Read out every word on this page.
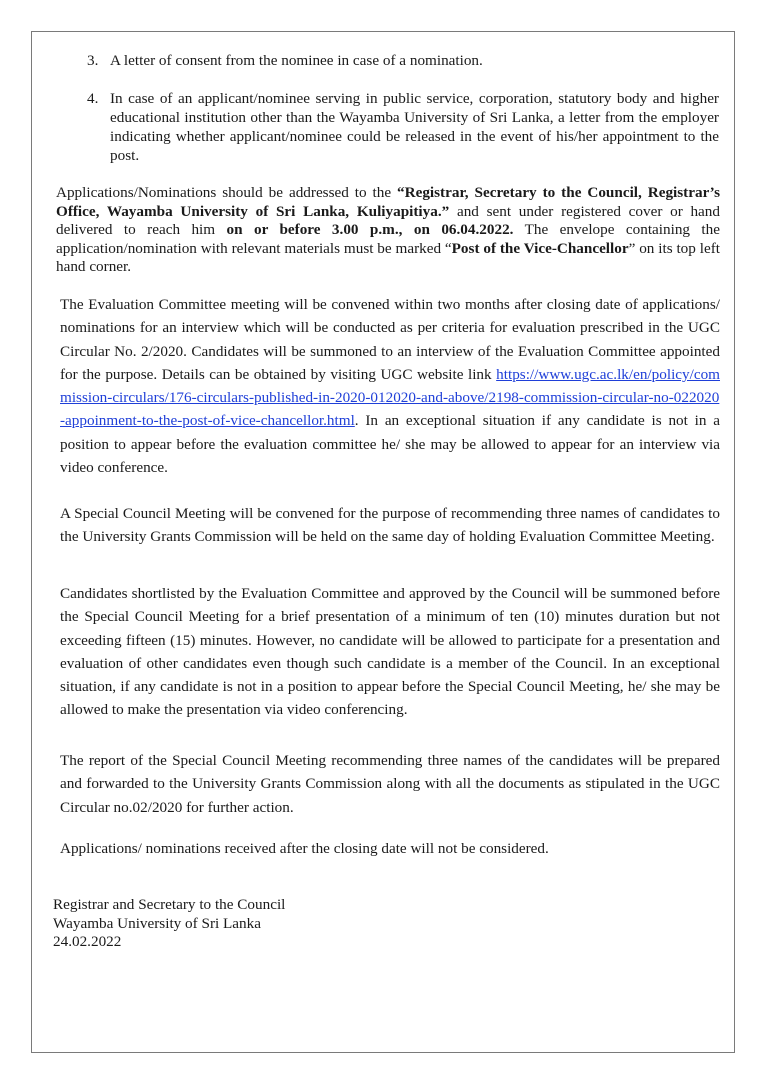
3. A letter of consent from the nominee in case of a nomination.
4. In case of an applicant/nominee serving in public service, corporation, statutory body and higher educational institution other than the Wayamba University of Sri Lanka, a letter from the employer indicating whether applicant/nominee could be released in the event of his/her appointment to the post.
Applications/Nominations should be addressed to the “Registrar, Secretary to the Council, Registrar’s Office, Wayamba University of Sri Lanka, Kuliyapitiya.” and sent under registered cover or hand delivered to reach him on or before 3.00 p.m., on 06.04.2022. The envelope containing the application/nomination with relevant materials must be marked “Post of the Vice-Chancellor” on its top left hand corner.
The Evaluation Committee meeting will be convened within two months after closing date of applications/ nominations for an interview which will be conducted as per criteria for evaluation prescribed in the UGC Circular No. 2/2020. Candidates will be summoned to an interview of the Evaluation Committee appointed for the purpose. Details can be obtained by visiting UGC website link https://www.ugc.ac.lk/en/policy/commission-circulars/176-circulars-published-in-2020-012020-and-above/2198-commission-circular-no-022020-appoinment-to-the-post-of-vice-chancellor.html. In an exceptional situation if any candidate is not in a position to appear before the evaluation committee he/ she may be allowed to appear for an interview via video conference.
A Special Council Meeting will be convened for the purpose of recommending three names of candidates to the University Grants Commission will be held on the same day of holding Evaluation Committee Meeting.
Candidates shortlisted by the Evaluation Committee and approved by the Council will be summoned before the Special Council Meeting for a brief presentation of a minimum of ten (10) minutes duration but not exceeding fifteen (15) minutes. However, no candidate will be allowed to participate for a presentation and evaluation of other candidates even though such candidate is a member of the Council. In an exceptional situation, if any candidate is not in a position to appear before the Special Council Meeting, he/ she may be allowed to make the presentation via video conferencing.
The report of the Special Council Meeting recommending three names of the candidates will be prepared and forwarded to the University Grants Commission along with all the documents as stipulated in the UGC Circular no.02/2020 for further action.
Applications/ nominations received after the closing date will not be considered.
Registrar and Secretary to the Council
Wayamba University of Sri Lanka
24.02.2022
